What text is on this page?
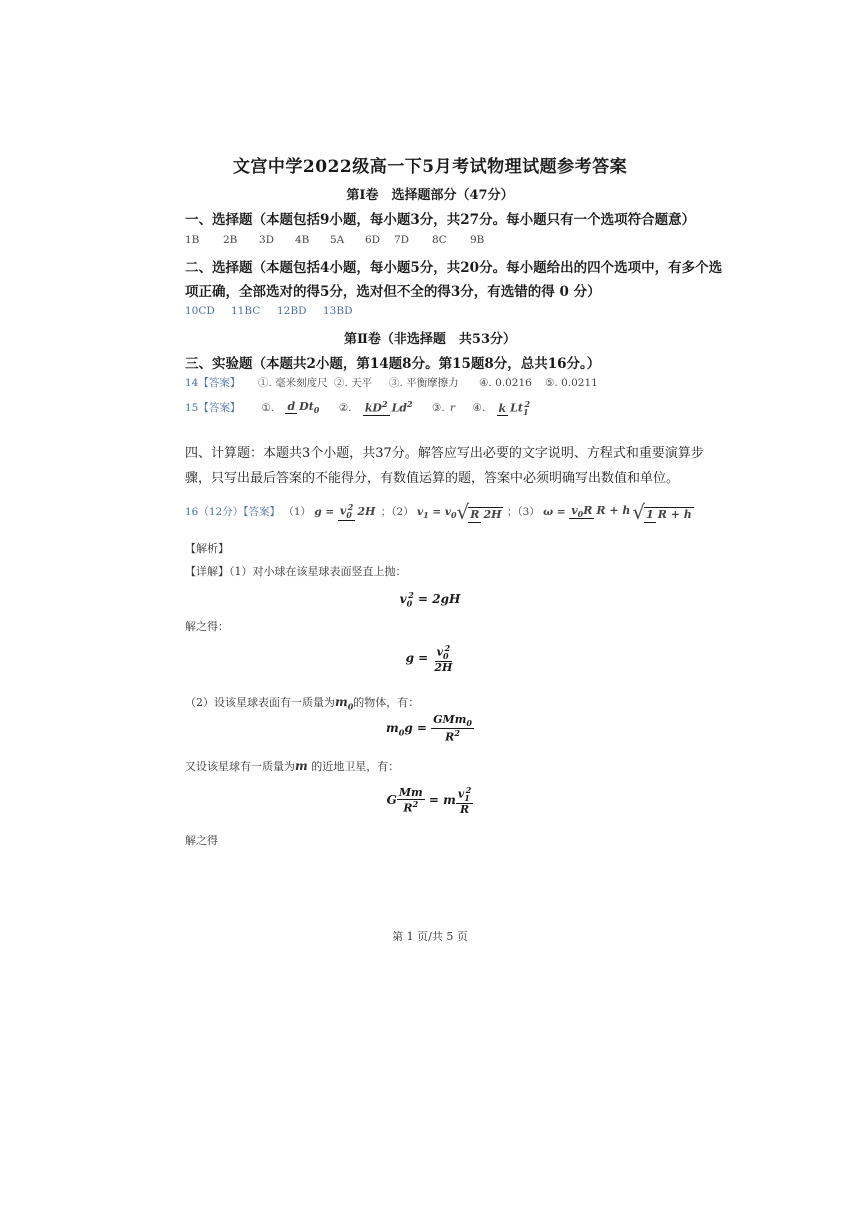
文宫中学2022级高一下5月考试物理试题参考答案
第Ⅰ卷　选择题部分（47分）
一、选择题（本题包括9小题，每小题3分，共27分。每小题只有一个选项符合题意）
1B 2B 3D 4B 5A 6D 7D 8C 9B
二、选择题（本题包括4小题，每小题5分，共20分。每小题给出的四个选项中，有多个选
项正确，全部选对的得5分，选对但不全的得3分，有选错的得 0 分）
10CD 11BC 12BD 13BD
第Ⅱ卷（非选择题　共53分）
三、实验题（本题共2小题，第14题8分。第15题8分，总共16分。）
14【答案】 ①. 毫米刻度尺 ②. 天平 ③. 平衡摩擦力 ④. 0.0216 ⑤. 0.0211
15【答案】 ①. d $Dt_0$ ②. $kD^2$ Ld$^2$ ③. r ④. k $Lt_1^2$
四、计算题：本题共3个小题，共37分。解答应写出必要的文字说明、方程式和重要演算步
骤，只写出最后答案的不能得分，有数值运算的题，答案中必须明确写出数值和单位。
16（12分）【答案】 （1） $g = v_0^2$ 2H ；（2） $v_1 = v_0√R$ 2H ；（3） $\omega = v_0R$ R + h √1 R + h
【解析】
【详解】（1）对小球在该星球表面竖直上抛：
$v_0^2 = 2gH$
解之得：
$g = \frac{v_0^2}{2H}$
（2）设该星球表面有一质量为$m_0$的物体，有：
$m_0g = \frac{GMm_0}{R^2}$
又设该星球有一质量为m 的近地卫星，有：
G $\frac{Mm}{R^2} = m \frac{v_1^2}{R}$
解之得
第 1 页/共 5 页
